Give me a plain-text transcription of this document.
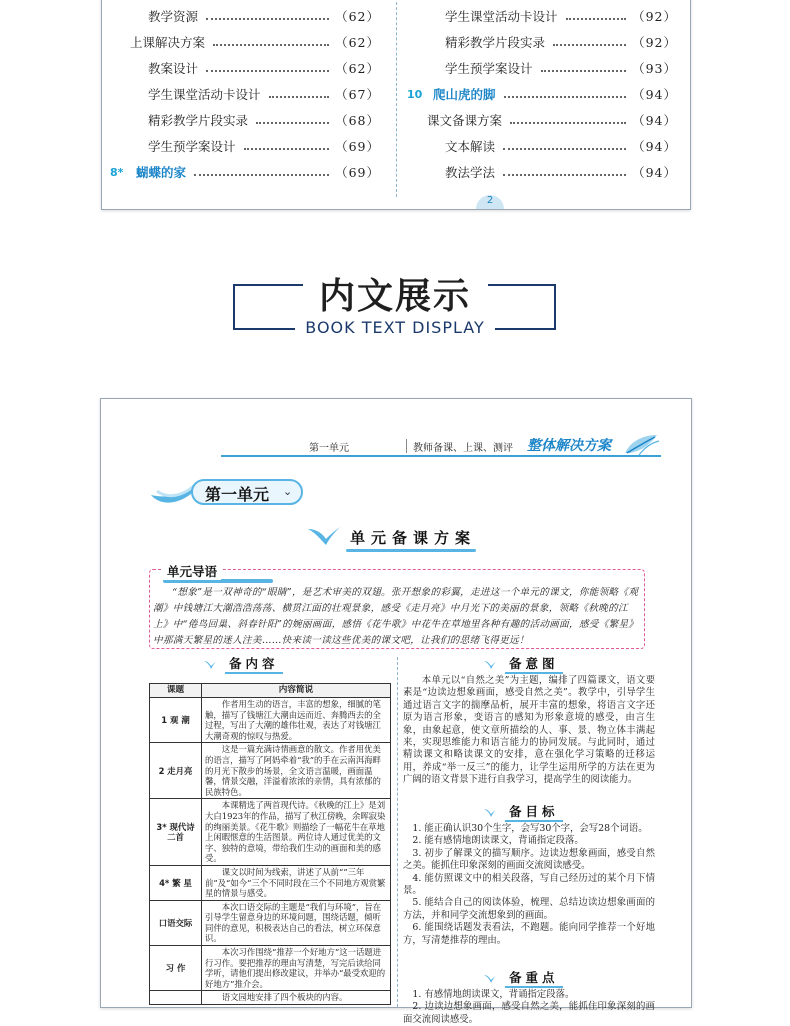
教学资源	（62）
上课解决方案	（62）
教案设计	（62）
学生课堂活动卡设计	（67）
精彩教学片段实录	（68）
学生预学案设计	（69）
8*	蝴蝶的家	（69）
学生课堂活动卡设计	（92）
精彩教学片段实录	（92）
学生预学案设计	（93）
10 爬山虎的脚	（94）
课文备课方案	（94）
文本解读	（94）
教法学法	（94）
2
内文展示
BOOK TEXT DISPLAY
第一单元	教师备课、上课、测评 整体解决方案
第一单元 ⌄
单元备课方案
单元导语

“想象”是一双神奇的“眼睛”，是艺术审美的双翅。张开想象的彩翼，走进这一个单元的课文，你能领略《观潮》中钱塘江大潮浩浩荡荡、横贯江面的壮观景象，感受《走月亮》中月光下的美丽的景象，领略《秋晚的江上》中“倦鸟回巢、斜春针阳”的婉丽画面，感悟《花牛歌》中花牛在草地里各种有趣的活动画面，感受《繁星》中那满天繁星的迷人注美……快来读一读这些优美的课文吧，让我们的思绪飞得更远！

备内容
课题	内容简说
1 观 潮	作者用生动的语言，丰富的想象，细腻的笔触，描写了钱塘江大潮由远而近、奔腾西去的全过程，写出了大潮的雄伟壮观，表达了对钱塘江大潮奇观的惊叹与热爱。
2 走月亮	这是一篇充满诗情画意的散文。作者用优美的语言，描写了阿妈牵着“我”的手在云南洱海畔的月光下散步的场景，全文语言温暖，画面温馨，情景交融，洋溢着浓浓的亲情，具有浓郁的民族特色。
3* 现代诗二首	本课精选了两首现代诗。《秋晚的江上》是刘大白1923年的作品，描写了秋江傍晚，余晖寂染的绚丽美景。《花牛歌》则描绘了一幅花牛在草地上闲暇惬意的生活图景。两位诗人通过优美的文字、独特的意境，带给我们生动的画面和美的感受。
4* 繁 星	课文以时间为线索，讲述了从前“”三年前”及“如今”三个不同时段在三个不同地方观赏繁星的情景与感受。
口语交际	本次口语交际的主题是“我们与环境”，旨在引导学生留意身边的环境问题，围绕话题，倾听同伴的意见，积极表达自己的看法，树立环保意识。
习 作	本次习作围绕“推荐一个好地方”这一话题进行习作。要把推荐的理由写清楚，写完后读给同学听，请他们提出修改建议，并举办“最受欢迎的好地方”推介会。
	语文园地安排了四个板块的内容。
备意图

本单元以“自然之美”为主题，编排了四篇课文，语文要素是“边读边想象画面，感受自然之美”。教学中，引导学生通过语言文字的揣摩品析，展开丰富的想象，将语言文字还原为语言形象，变语言的感知为形象意境的感受，由言生象，由象起意，使文章所描绘的人、事、景、物立体丰满起来，实现思维能力和语言能力的协同发展。与此同时，通过精读课文和略读课文的安排，意在强化学习策略的迁移运用，养成“举一反三”的能力，让学生运用所学的方法在更为广阔的语文背景下进行自我学习，提高学生的阅读能力。

备目标

1. 能正确认识30个生字，会写30个字，会写28个词语。

2. 能有感情地朗读课文，背诵指定段落。

3. 初步了解课文的描写顺序。边读边想象画面，感受自然之美。能抓住印象深刻的画面交流阅读感受。

4. 能仿照课文中的相关段落，写自己经历过的某个月下情景。

5. 能结合自己的阅读体验，梳理、总结边读边想象画面的方法，并和同学交流想象到的画面。

6. 能围绕话题发表看法，不跑题。能向同学推荐一个好地方，写清楚推荐的理由。

备重点

1. 有感情地朗读课文，背诵指定段落。

2. 边读边想象画面，感受自然之美，能抓住印象深刻的画面交流阅读感受。
